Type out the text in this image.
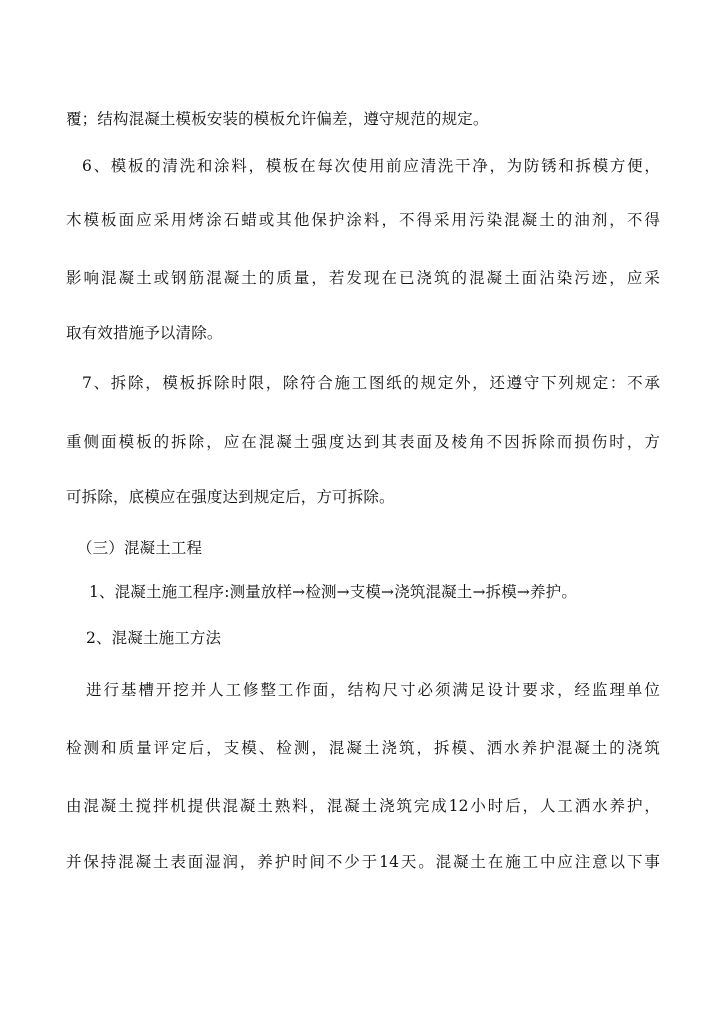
覆；结构混凝土模板安装的模板允许偏差，遵守规范的规定。
6、模板的清洗和涂料，模板在每次使用前应清洗干净，为防锈和拆模方便，
木模板面应采用烤涂石蜡或其他保护涂料，不得采用污染混凝土的油剂，不得
影响混凝土或钢筋混凝土的质量，若发现在已浇筑的混凝土面沾染污迹，应采
取有效措施予以清除。
7、拆除，模板拆除时限，除符合施工图纸的规定外，还遵守下列规定：不承
重侧面模板的拆除，应在混凝土强度达到其表面及棱角不因拆除而损伤时，方
可拆除，底模应在强度达到规定后，方可拆除。
（三）混凝土工程
1、混凝土施工程序:测量放样→检测→支模→浇筑混凝土→拆模→养护。
2、混凝土施工方法
进行基槽开挖并人工修整工作面，结构尺寸必须满足设计要求，经监理单位
检测和质量评定后，支模、检测，混凝土浇筑，拆模、洒水养护混凝土的浇筑
由混凝土搅拌机提供混凝土熟料，混凝土浇筑完成12小时后，人工洒水养护，
并保持混凝土表面湿润，养护时间不少于14天。混凝土在施工中应注意以下事
